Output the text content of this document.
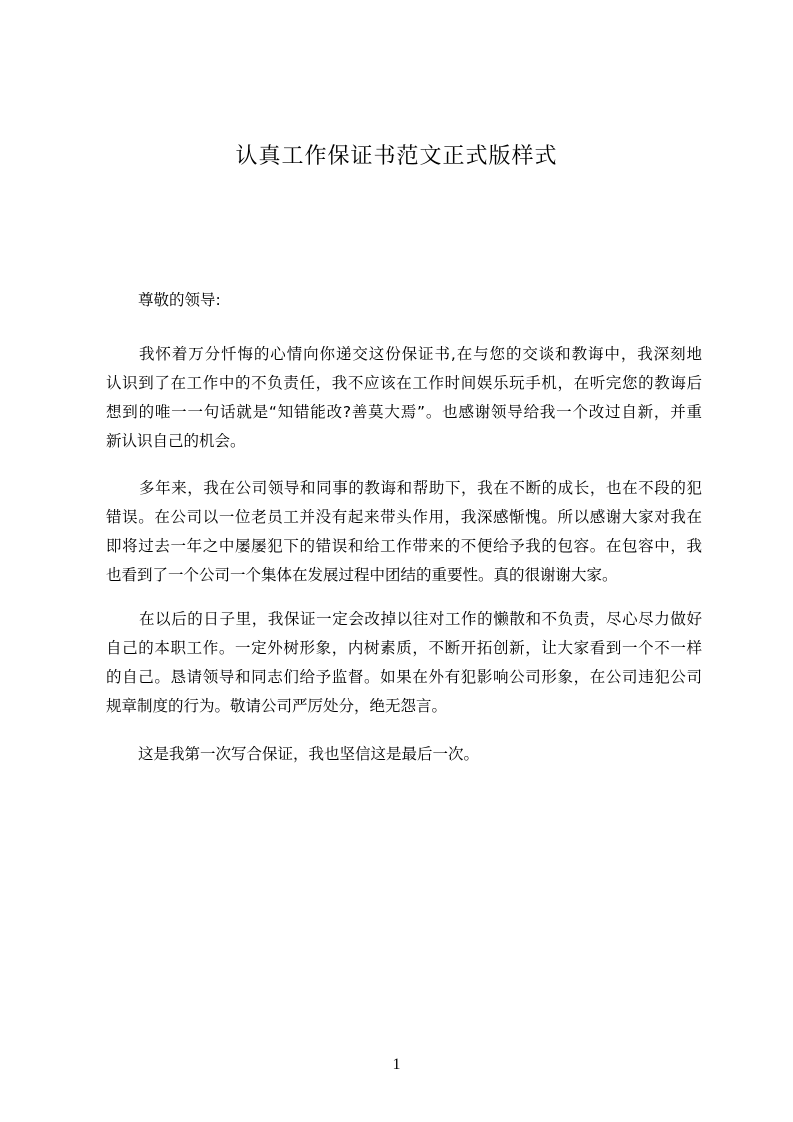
认真工作保证书范文正式版样式
尊敬的领导:
我怀着万分忏悔的心情向你递交这份保证书,在与您的交谈和教诲中，我深刻地
认识到了在工作中的不负责任，我不应该在工作时间娱乐玩手机，在听完您的教诲后
想到的唯一一句话就是“知错能改?善莫大焉”。也感谢领导给我一个改过自新，并重
新认识自己的机会。
多年来，我在公司领导和同事的教诲和帮助下，我在不断的成长，也在不段的犯
错误。在公司以一位老员工并没有起来带头作用，我深感惭愧。所以感谢大家对我在
即将过去一年之中屡屡犯下的错误和给工作带来的不便给予我的包容。在包容中，我
也看到了一个公司一个集体在发展过程中团结的重要性。真的很谢谢大家。
在以后的日子里，我保证一定会改掉以往对工作的懒散和不负责，尽心尽力做好
自己的本职工作。一定外树形象，内树素质，不断开拓创新，让大家看到一个不一样
的自己。恳请领导和同志们给予监督。如果在外有犯影响公司形象，在公司违犯公司
规章制度的行为。敬请公司严厉处分，绝无怨言。
这是我第一次写合保证，我也坚信这是最后一次。
1
